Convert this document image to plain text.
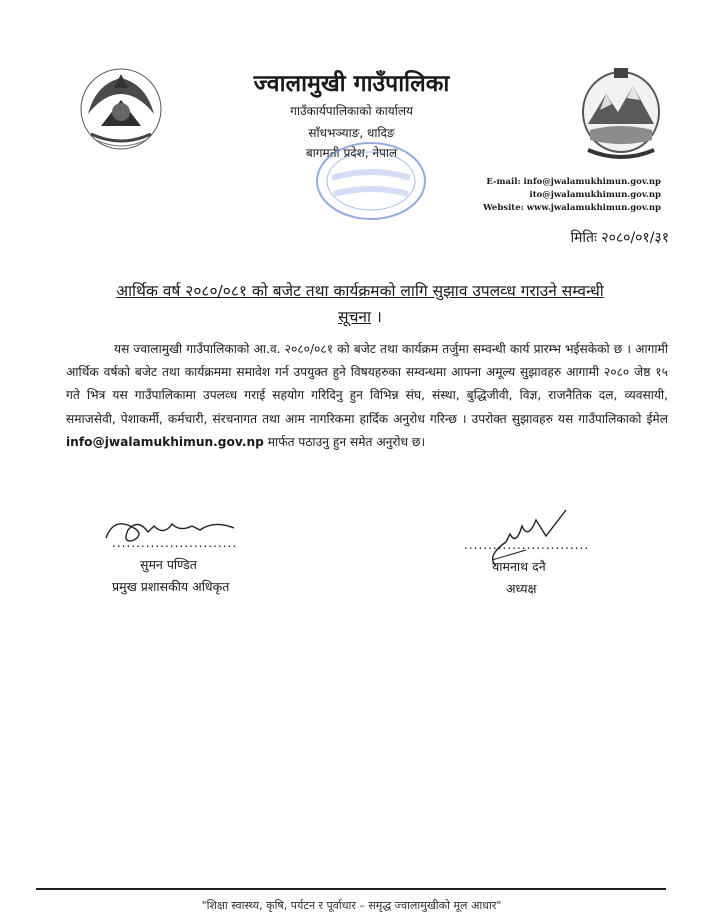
ज्वालामुखी गाउँपालिका
गाउँकार्यपालिकाको कार्यालय
साँधभञ्याङ, धादिङ
बागमती प्रदेश, नेपाल
E-mail: info@jwalamukhimun.gov.np
ito@jwalamukhimun.gov.np
Website: www.jwalamukhimun.gov.np
मितिः २०८०/०१/३१
आर्थिक वर्ष २०८०/०८१ को बजेट तथा कार्यक्रमको लागि सुझाव उपलव्ध गराउने सम्वन्धी
सूचना ।
यस ज्वालामुखी गाउँपालिकाको आ.व. २०८०/०८१ को बजेट तथा कार्यक्रम तर्जुमा सम्वन्धी कार्य प्रारम्भ भईसकेको छ । आगामी आर्थिक वर्षको बजेट तथा कार्यक्रममा समावेश गर्न उपयुक्त हुने विषयहरुका सम्वन्धमा आफ्ना अमूल्य सुझावहरु आगामी २०८० जेष्ठ १५ गते भित्र यस गाउँपालिकामा उपलव्ध गराई सहयोग गरिदिनु हुन विभिन्न संघ, संस्था, बुद्धिजीवी, विज्ञ, राजनैतिक दल, व्यवसायी, समाजसेवी, पेशाकर्मी, कर्मचारी, संरचनागत तथा आम नागरिकमा हार्दिक अनुरोध गरिन्छ । उपरोक्त सुझावहरु यस गाउँपालिकाको ईमेल info@jwalamukhimun.gov.np मार्फत पठाउनु हुन समेत अनुरोध छ।
..........................
सुमन पण्डित
प्रमुख प्रशासकीय अधिकृत
..........................
यामनाथ दनै
अध्यक्ष
"शिक्षा स्वास्थ्य, कृषि, पर्यटन र पूर्वाधार – समृद्ध ज्वालामुखीको मूल आधार"
